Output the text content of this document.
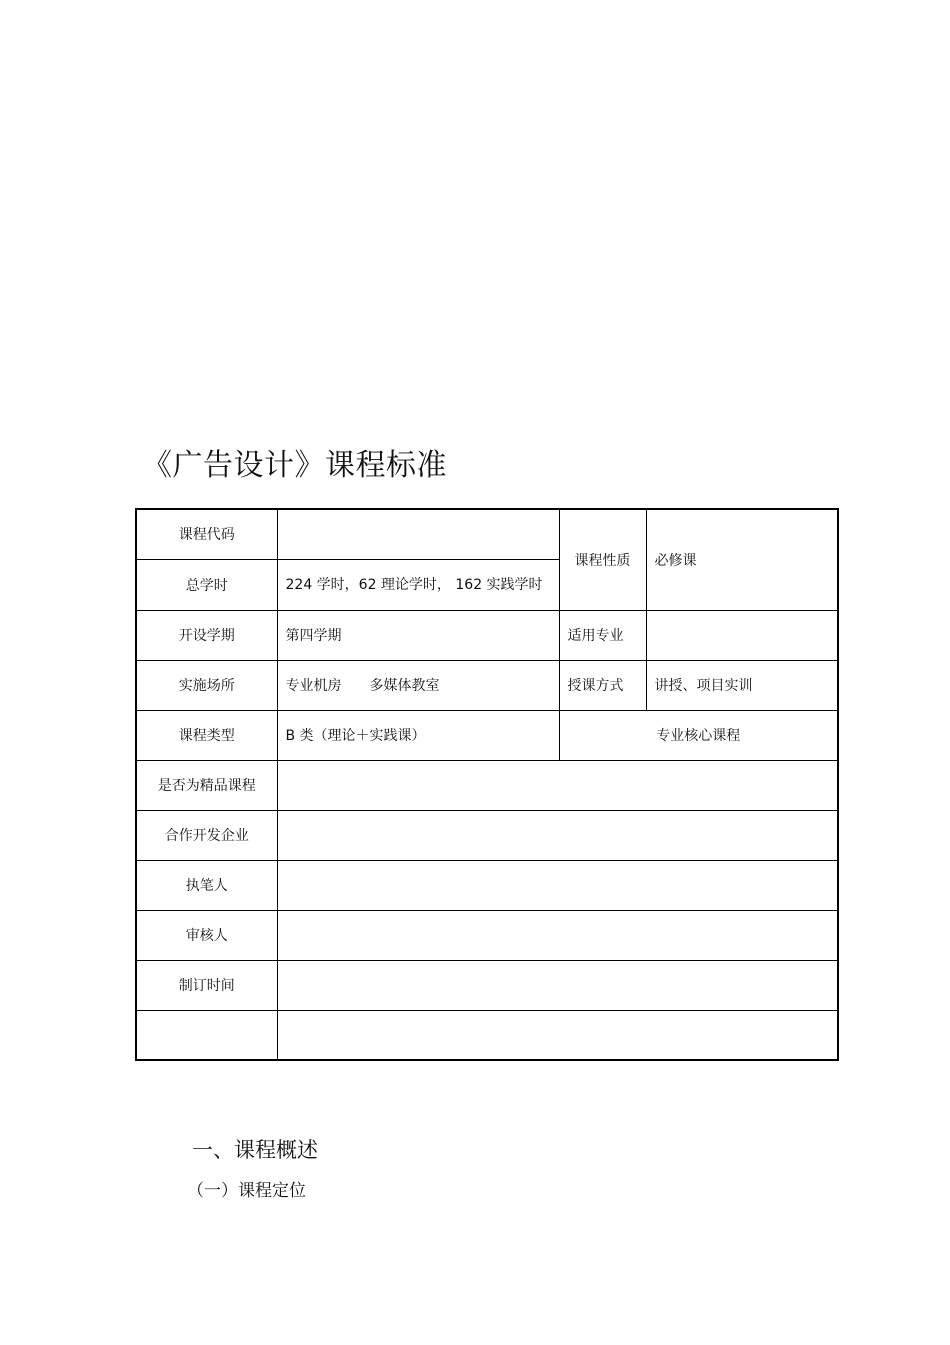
《广告设计》课程标准
课程代码		课程性质	必修课
总学时	224 学时，62 理论学时， 162 实践学时		
开设学期	第四学期	适用专业	
实施场所	专业机房　　多媒体教室	授课方式	讲授、项目实训
课程类型	B 类（理论＋实践课）	专业核心课程	
是否为精品课程			
合作开发企业			
执笔人			
审核人			
制订时间			

一、课程概述
（一）课程定位
